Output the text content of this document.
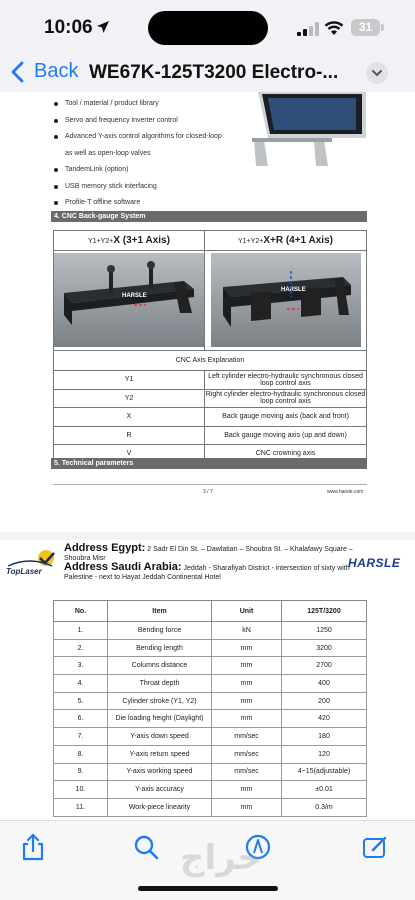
10:06	31
Back WE67K-125T3200 Electro-...
Tool / material / product library
Servo and frequency inverter control
Advanced Y-axis control algorithms for closed-loop
as well as open-loop valves
TandemLink (option)
USB memory stick interfacing
Profile-T offline software
4. CNC Back-gauge System
Y1+Y2+X (3+1 Axis)	Y1+Y2+X+R (4+1 Axis)

HARSLE	HARSLE

CNC Axis Explanation	
Y1	Left cylinder electro-hydraulic synchronous closed loop control axis
Y2	Right cylinder electro-hydraulic synchronous closed loop control axis
X	Back gauge moving axis (back and front)
R	Back gauge moving axis (up and down)
V	CNC crowning axis
5. Technical parameters
3 / 7	www.harsle.com
TopLaser
Address Egypt: 2 Sadr El Din St. – Dawlatian – Shoubra St. – Khalafawy Square – Shoubra Misr
Address Saudi Arabia: Jeddah - Sharafiyah District - intersection of sixty with Palestine - next to Hayat Jeddah Continental Hotel
HARSLE
No.	Item	Unit	125T/3200
1.	Bending force	kN	1250
2.	Bending length	mm	3200
3.	Columns distance	mm	2700
4.	Throat depth	mm	400
5.	Cylinder stroke (Y1, Y2)	mm	200
6.	Die loading height (Daylight)	mm	420
7.	Y-axis down speed	mm/sec	180
8.	Y-axis return speed	mm/sec	120
9.	Y-axis working speed	mm/sec	4~15(adjustable)
10.	Y-axis accuracy	mm	±0.01
11.	Work-piece linearity	mm	0.3/m
حراج
